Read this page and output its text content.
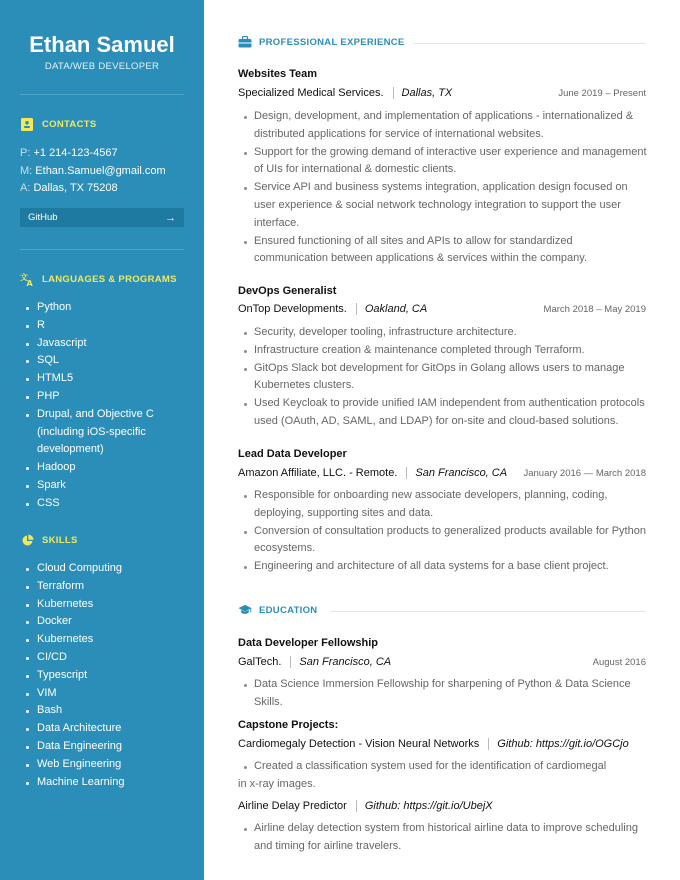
Ethan Samuel
DATA/WEB DEVELOPER
CONTACTS
P: +1 214-123-4567
M: Ethan.Samuel@gmail.com
A: Dallas, TX 75208
GitHub	→
文
A LANGUAGES & PROGRAMS
Python
R
Javascript
SQL
HTML5
PHP
Drupal, and Objective C (including iOS-specific development)
Hadoop
Spark
CSS
SKILLS
Cloud Computing
Terraform
Kubernetes
Docker
Kubernetes
CI/CD
Typescript
VIM
Bash
Data Architecture
Data Engineering
Web Engineering
Machine Learning
PROFESSIONAL EXPERIENCE
Websites Team
Specialized Medical Services. Dallas, TX	June 2019 – Present
Design, development, and implementation of applications - internationalized & distributed applications for service of international websites.
Support for the growing demand of interactive user experience and management of UIs for international & domestic clients.
Service API and business systems integration, application design focused on user experience & social network technology integration to support the user interface.
Ensured functioning of all sites and APIs to allow for standardized communication between applications & services within the company.
DevOps Generalist
OnTop Developments. Oakland, CA	March 2018 – May 2019
Security, developer tooling, infrastructure architecture.
Infrastructure creation & maintenance completed through Terraform.
GitOps Slack bot development for GitOps in Golang allows users to manage Kubernetes clusters.
Used Keycloak to provide unified IAM independent from authentication protocols used (OAuth, AD, SAML, and LDAP) for on-site and cloud-based solutions.
Lead Data Developer
Amazon Affiliate, LLC. - Remote. San Francisco, CA January 2016 — March 2018
Responsible for onboarding new associate developers, planning, coding, deploying, supporting sites and data.
Conversion of consultation products to generalized products available for Python ecosystems.
Engineering and architecture of all data systems for a base client project.
EDUCATION
Data Developer Fellowship
GalTech. San Francisco, CA	August 2016
Data Science Immersion Fellowship for sharpening of Python & Data Science Skills.
Capstone Projects:
Cardiomegaly Detection - Vision Neural Networks Github: https://git.io/OGCjo
Created a classification system used for the identification of cardiomegal
in x-ray images.
Airline Delay Predictor Github: https://git.io/UbejX
Airline delay detection system from historical airline data to improve scheduling and timing for airline travelers.
